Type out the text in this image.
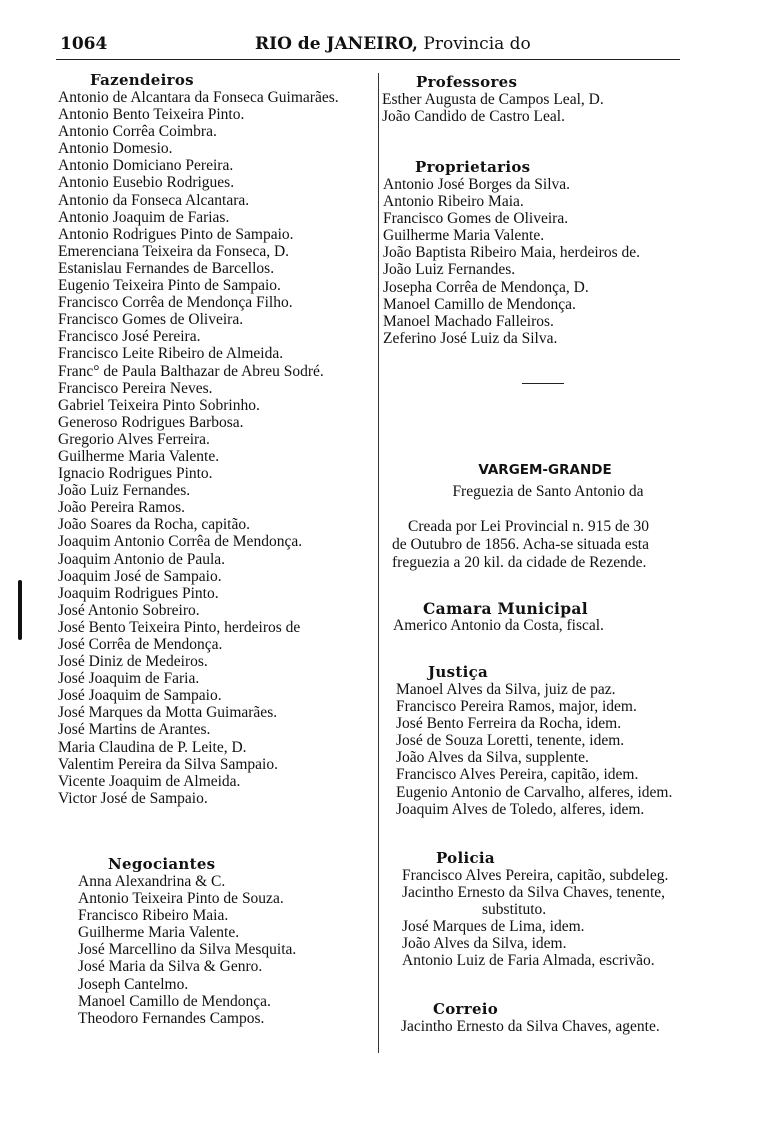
1064	RIO de JANEIRO, Provincia do
Fazendeiros
Antonio de Alcantara da Fonseca Guimarães.
Antonio Bento Teixeira Pinto.
Antonio Corrêa Coimbra.
Antonio Domesio.
Antonio Domiciano Pereira.
Antonio Eusebio Rodrigues.
Antonio da Fonseca Alcantara.
Antonio Joaquim de Farias.
Antonio Rodrigues Pinto de Sampaio.
Emerenciana Teixeira da Fonseca, D.
Estanislau Fernandes de Barcellos.
Eugenio Teixeira Pinto de Sampaio.
Francisco Corrêa de Mendonça Filho.
Francisco Gomes de Oliveira.
Francisco José Pereira.
Francisco Leite Ribeiro de Almeida.
Franc° de Paula Balthazar de Abreu Sodré.
Francisco Pereira Neves.
Gabriel Teixeira Pinto Sobrinho.
Generoso Rodrigues Barbosa.
Gregorio Alves Ferreira.
Guilherme Maria Valente.
Ignacio Rodrigues Pinto.
João Luiz Fernandes.
João Pereira Ramos.
João Soares da Rocha, capitão.
Joaquim Antonio Corrêa de Mendonça.
Joaquim Antonio de Paula.
Joaquim José de Sampaio.
Joaquim Rodrigues Pinto.
José Antonio Sobreiro.
José Bento Teixeira Pinto, herdeiros de
José Corrêa de Mendonça.
José Diniz de Medeiros.
José Joaquim de Faria.
José Joaquim de Sampaio.
José Marques da Motta Guimarães.
José Martins de Arantes.
Maria Claudina de P. Leite, D.
Valentim Pereira da Silva Sampaio.
Vicente Joaquim de Almeida.
Victor José de Sampaio.
Negociantes
Anna Alexandrina & C.
Antonio Teixeira Pinto de Souza.
Francisco Ribeiro Maia.
Guilherme Maria Valente.
José Marcellino da Silva Mesquita.
José Maria da Silva & Genro.
Joseph Cantelmo.
Manoel Camillo de Mendonça.
Theodoro Fernandes Campos.
Professores
Esther Augusta de Campos Leal, D.
João Candido de Castro Leal.
Proprietarios
Antonio José Borges da Silva.
Antonio Ribeiro Maia.
Francisco Gomes de Oliveira.
Guilherme Maria Valente.
João Baptista Ribeiro Maia, herdeiros de.
João Luiz Fernandes.
Josepha Corrêa de Mendonça, D.
Manoel Camillo de Mendonça.
Manoel Machado Falleiros.
Zeferino José Luiz da Silva.
VARGEM-GRANDE
Freguezia de Santo Antonio da
Creada por Lei Provincial n. 915 de 30
de Outubro de 1856. Acha-se situada esta
freguezia a 20 kil. da cidade de Rezende.
Camara Municipal
Americo Antonio da Costa, fiscal.
Justiça
Manoel Alves da Silva, juiz de paz.
Francisco Pereira Ramos, major, idem.
José Bento Ferreira da Rocha, idem.
José de Souza Loretti, tenente, idem.
João Alves da Silva, supplente.
Francisco Alves Pereira, capitão, idem.
Eugenio Antonio de Carvalho, alferes, idem.
Joaquim Alves de Toledo, alferes, idem.
Policia
Francisco Alves Pereira, capitão, subdeleg.
Jacintho Ernesto da Silva Chaves, tenente,
substituto.
José Marques de Lima, idem.
João Alves da Silva, idem.
Antonio Luiz de Faria Almada, escrivão.
Correio
Jacintho Ernesto da Silva Chaves, agente.
